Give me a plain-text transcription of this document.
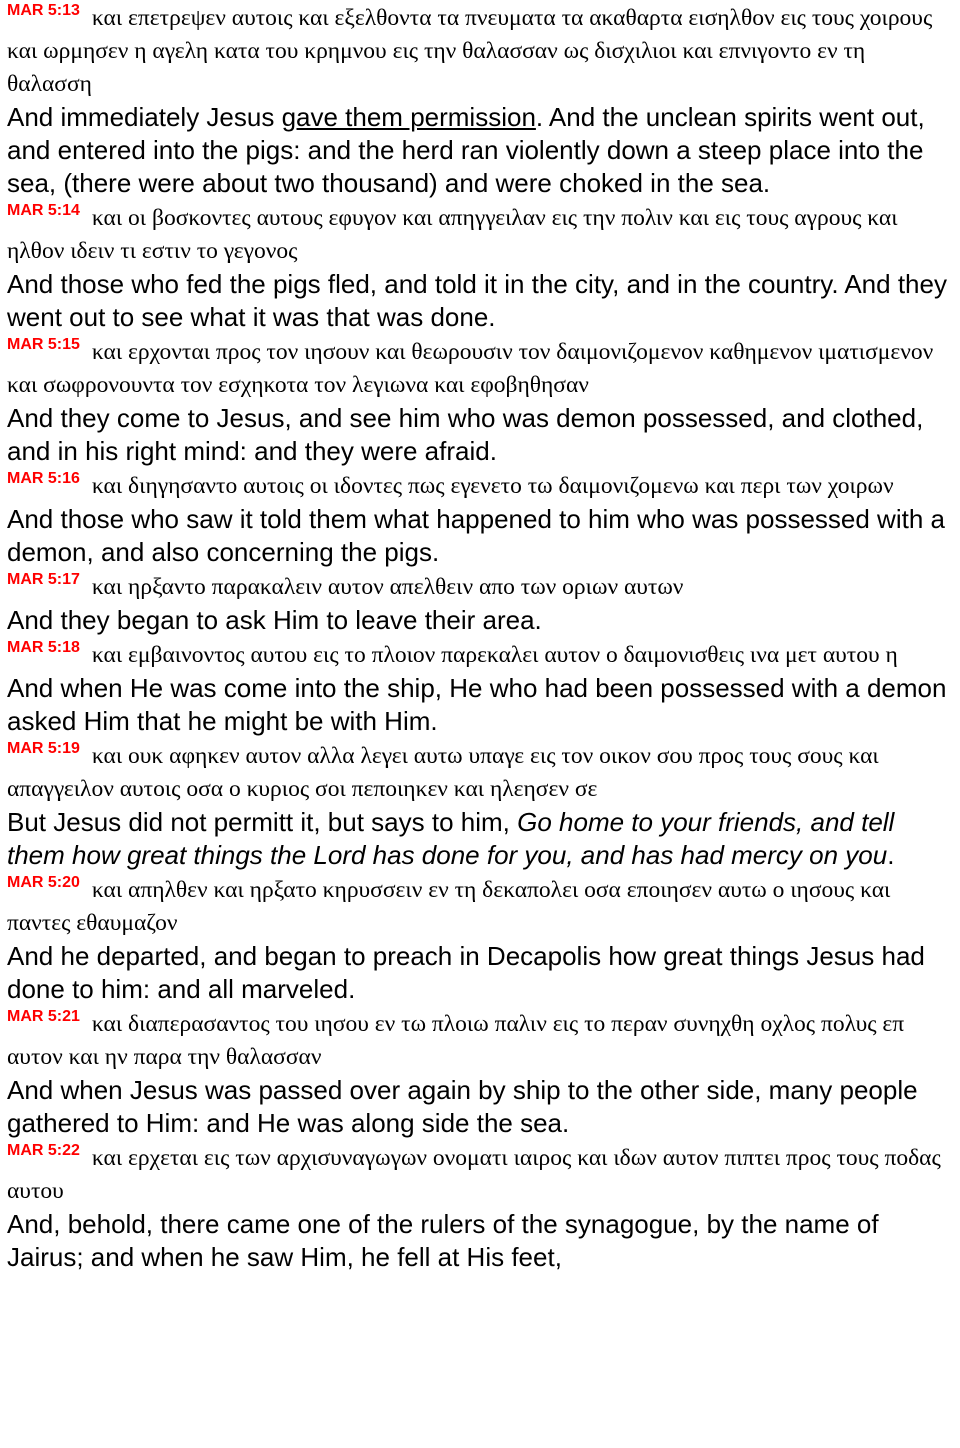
MAR 5:13 και επετρεψεν αυτοις και εξελθοντα τα πνευματα τα ακαθαρτα εισηλθον εις τους χοιρους και ωρμησεν η αγελη κατα του κρημνου εις την θαλασσαν ως δισχιλιοι και επνιγοντο εν τη θαλασση
And immediately Jesus gave them permission. And the unclean spirits went out, and entered into the pigs: and the herd ran violently down a steep place into the sea, (there were about two thousand) and were choked in the sea.
MAR 5:14 και οι βοσκοντες αυτους εφυγον και απηγγειλαν εις την πολιν και εις τους αγρους και ηλθον ιδειν τι εστιν το γεγονος
And those who fed the pigs fled, and told it in the city, and in the country. And they went out to see what it was that was done.
MAR 5:15 και ερχονται προς τον ιησουν και θεωρουσιν τον δαιμονιζομενον καθημενον ιματισμενον και σωφρονουντα τον εσχηκοτα τον λεγιωνα και εφοβηθησαν
And they come to Jesus, and see him who was demon possessed, and clothed, and in his right mind: and they were afraid.
MAR 5:16 και διηγησαντο αυτοις οι ιδοντες πως εγενετο τω δαιμονιζομενω και περι των χοιρων
And those who saw it told them what happened to him who was possessed with a demon, and also concerning the pigs.
MAR 5:17 και ηρξαντο παρακαλειν αυτον απελθειν απο των οριων αυτων
And they began to ask Him to leave their area.
MAR 5:18 και εμβαινοντος αυτου εις το πλοιον παρεκαλει αυτον ο δαιμονισθεις ινα μετ αυτου η
And when He was come into the ship, He who had been possessed with a demon asked Him that he might be with Him.
MAR 5:19 και ουκ αφηκεν αυτον αλλα λεγει αυτω υπαγε εις τον οικον σου προς τους σους και απαγγειλον αυτοις οσα ο κυριος σοι πεποιηκεν και ηλεησεν σε
But Jesus did not permitt it, but says to him, Go home to your friends, and tell them how great things the Lord has done for you, and has had mercy on you.
MAR 5:20 και απηλθεν και ηρξατο κηρυσσειν εν τη δεκαπολει οσα εποιησεν αυτω ο ιησους και παντες εθαυμαζον
And he departed, and began to preach in Decapolis how great things Jesus had done to him: and all marveled.
MAR 5:21 και διαπερασαντος του ιησου εν τω πλοιω παλιν εις το περαν συνηχθη οχλος πολυς επ αυτον και ην παρα την θαλασσαν
And when Jesus was passed over again by ship to the other side, many people gathered to Him: and He was along side the sea.
MAR 5:22 και ερχεται εις των αρχισυναγωγων ονοματι ιαιρος και ιδων αυτον πιπτει προς τους ποδας αυτου
And, behold, there came one of the rulers of the synagogue, by the name of Jairus; and when he saw Him, he fell at His feet,
